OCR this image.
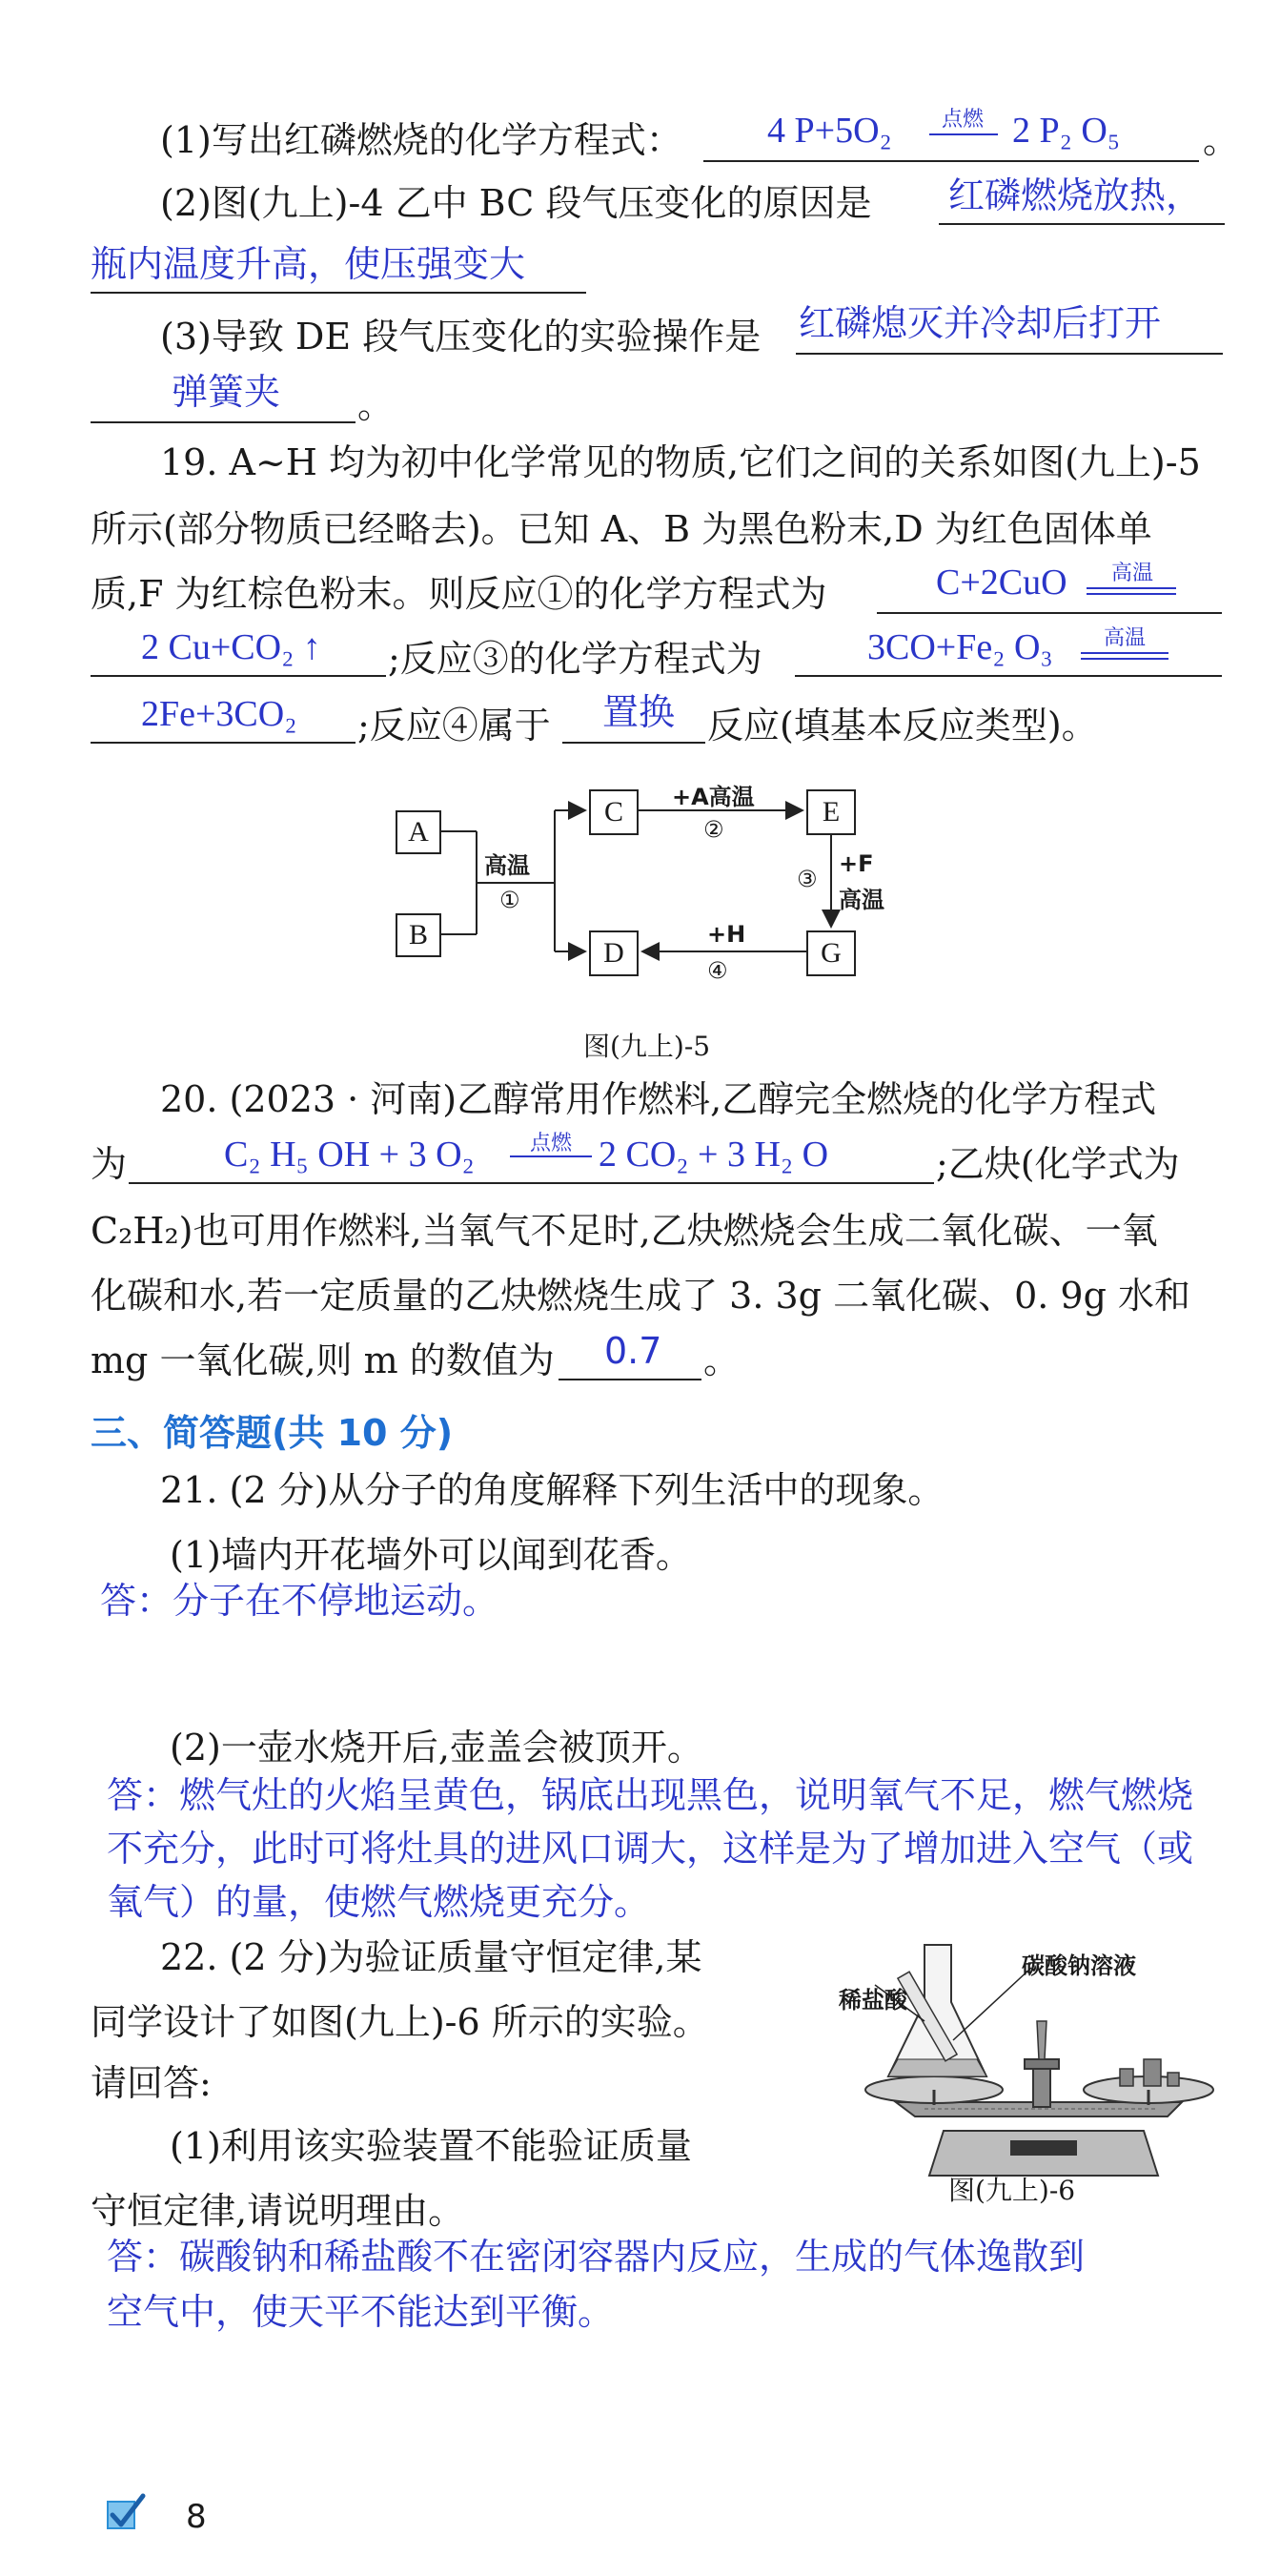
(1)写出红磷燃烧的化学方程式： 4 P+5O₂	点燃 2 P₂ O₅ 。
(2)图(九上)-4 乙中 BC 段气压变化的原因是 红磷燃烧放热，
瓶内温度升高，使压强变大
(3)导致 DE 段气压变化的实验操作是 红磷熄灭并冷却后打开
弹簧夹 。
19. A~H 均为初中化学常见的物质,它们之间的关系如图(九上)-5
所示(部分物质已经略去)。已知 A、B 为黑色粉末,D 为红色固体单
质,F 为红棕色粉末。则反应①的化学方程式为	C+2CuO	高温
2 Cu+CO₂ ↑ ;反应③的化学方程式为	3CO+Fe₂ O₃	高温
2Fe+3CO₂ ;反应④属于 置换 反应(填基本反应类型)。
A
B
C
D
E
G
高温
①
+A高温
②
③
+F
高温
+H
④
图(九上)-5
20. (2023 · 河南)乙醇常用作燃料,乙醇完全燃烧的化学方程式
为	C₂ H₅ OH + 3 O₂	点燃 2 CO₂ + 3 H₂ O	;乙炔(化学式为
C₂H₂)也可用作燃料,当氧气不足时,乙炔燃烧会生成二氧化碳、一氧
化碳和水,若一定质量的乙炔燃烧生成了 3. 3g 二氧化碳、0. 9g 水和
mg 一氧化碳,则 m 的数值为 0.7 。
三、简答题(共 10 分)
21. (2 分)从分子的角度解释下列生活中的现象。
(1)墙内开花墙外可以闻到花香。
答：分子在不停地运动。
(2)一壶水烧开后,壶盖会被顶开。
答：燃气灶的火焰呈黄色，锅底出现黑色，说明氧气不足，燃气燃烧
不充分，此时可将灶具的进风口调大，这样是为了增加进入空气（或
氧气）的量，使燃气燃烧更充分。
22. (2 分)为验证质量守恒定律,某
同学设计了如图(九上)-6 所示的实验。
请回答:
(1)利用该实验装置不能验证质量
守恒定律,请说明理由。
答：碳酸钠和稀盐酸不在密闭容器内反应，生成的气体逸散到
空气中，使天平不能达到平衡。
稀盐酸
碳酸钠溶液
图(九上)-6
8
